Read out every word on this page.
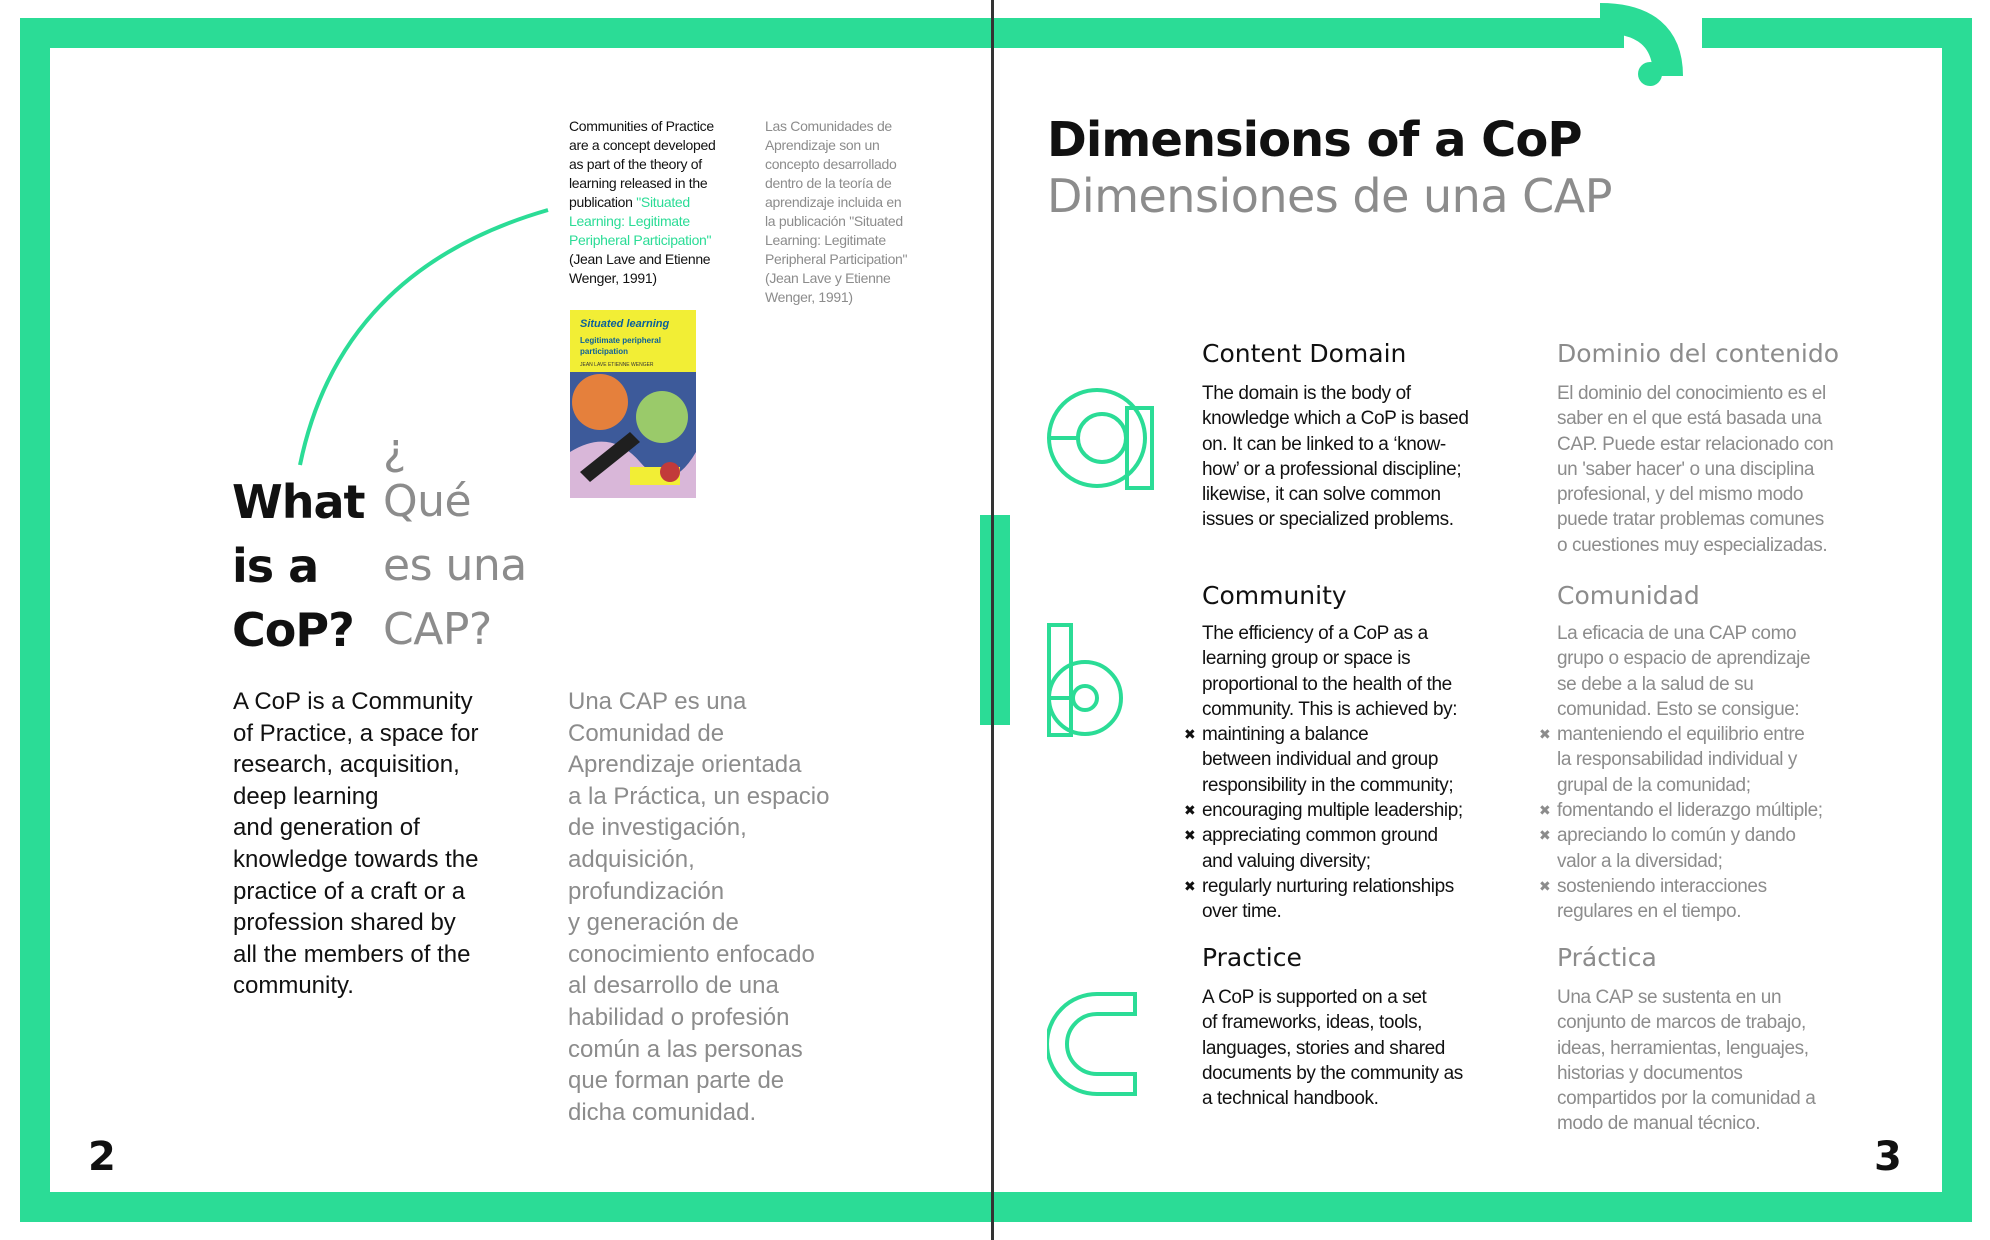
Communities of Practice
are a concept developed
as part of the theory of
learning released in the
publication "Situated
Learning: Legitimate
Peripheral Participation"
(Jean Lave and Etienne
Wenger, 1991)
Las Comunidades de
Aprendizaje son un
concepto desarrollado
dentro de la teoría de
aprendizaje incluida en
la publicación "Situated
Learning: Legitimate
Peripheral Participation"
(Jean Lave y Etienne
Wenger, 1991)
Situated learning
Legitimate peripheral
participation
JEAN LAVE ETIENNE WENGER
What
is a
CoP?
¿
Qué
es una
CAP?

A CoP is a Community
of Practice, a space for
research, acquisition,
deep learning
and generation of
knowledge towards the
practice of a craft or a
profession shared by
all the members of the
community.

Una CAP es una
Comunidad de
Aprendizaje orientada
a la Práctica, un espacio
de investigación,
adquisición,
profundización
y generación de
conocimiento enfocado
al desarrollo de una
habilidad o profesión
común a las personas
que forman parte de
dicha comunidad.

2
Dimensions of a CoP
Dimensiones de una CAP
Content Domain	Dominio del contenido

The domain is the body of
knowledge which a CoP is based
on. It can be linked to a ‘know-
how’ or a professional discipline;
likewise, it can solve common
issues or specialized problems.

El dominio del conocimiento es el
saber en el que está basada una
CAP. Puede estar relacionado con
un 'saber hacer' o una disciplina
profesional, y del mismo modo
puede tratar problemas comunes
o cuestiones muy especializadas.

Community	Comunidad

The efficiency of a CoP as a
learning group or space is
proportional to the health of the
community. This is achieved by:

✖ maintining a balance
between individual and group
responsibility in the community;
✖ encouraging multiple leadership;
✖ appreciating common ground
and valuing diversity;
✖ regularly nurturing relationships
over time.

La eficacia de una CAP como
grupo o espacio de aprendizaje
se debe a la salud de su
comunidad. Esto se consigue:

✖ manteniendo el equilibrio entre
la responsabilidad individual y
grupal de la comunidad;
✖ fomentando el liderazgo múltiple;
✖ apreciando lo común y dando
valor a la diversidad;
✖ sosteniendo interacciones
regulares en el tiempo.
Practice	Práctica

A CoP is supported on a set
of frameworks, ideas, tools,
languages, stories and shared
documents by the community as
a technical handbook.

Una CAP se sustenta en un
conjunto de marcos de trabajo,
ideas, herramientas, lenguajes,
historias y documentos
compartidos por la comunidad a
modo de manual técnico.

3
